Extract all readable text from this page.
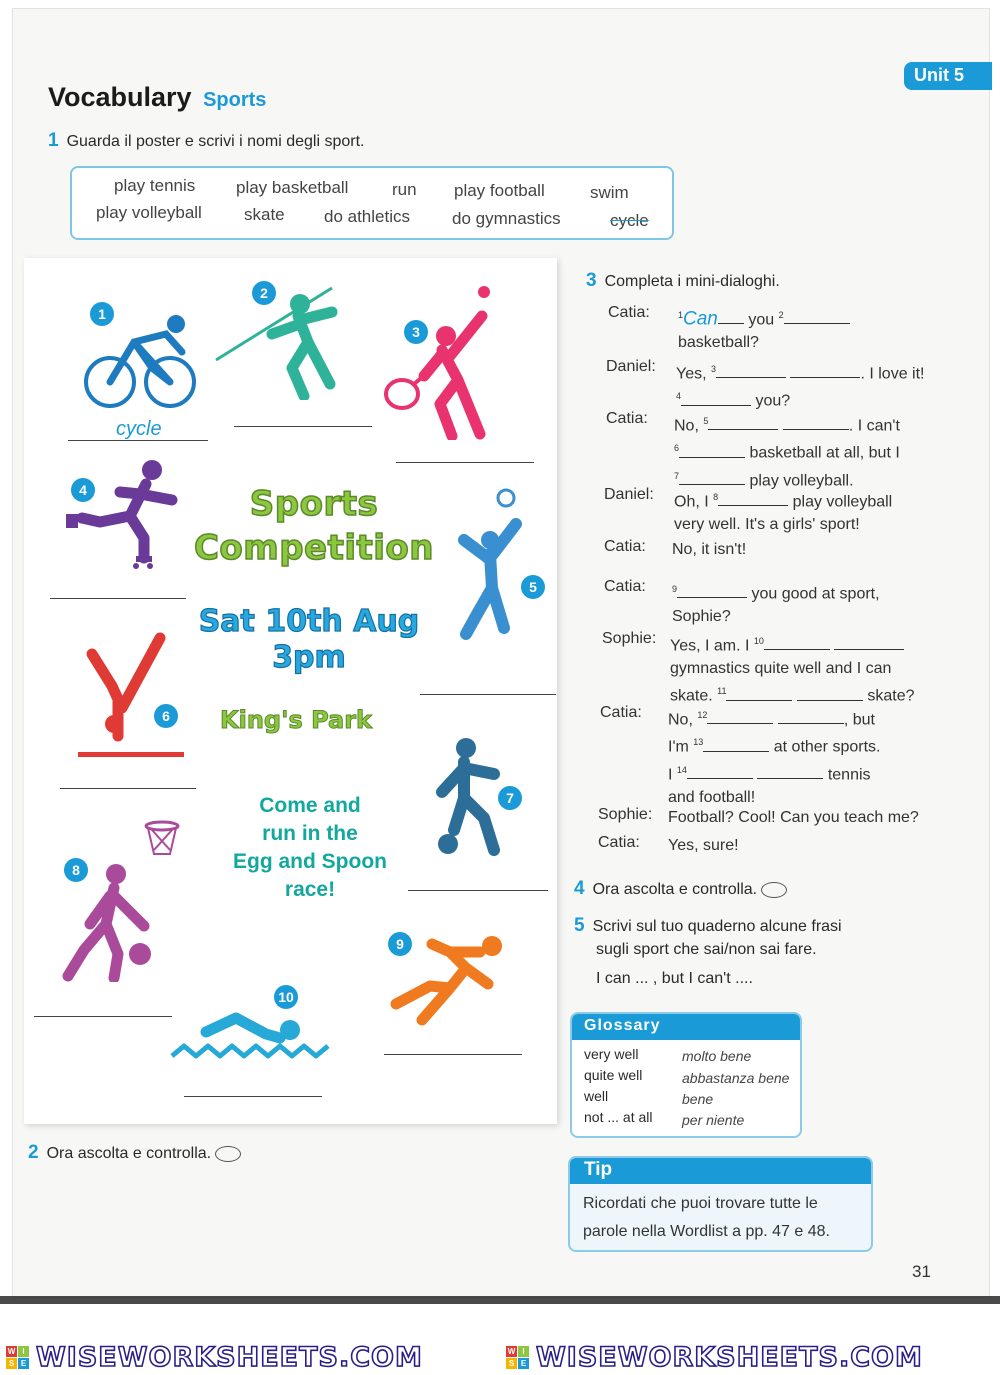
Unit 5
Vocabulary Sports
1 Guarda il poster e scrivi i nomi degli sport.
play tennis play basketball	run play football	swim
play volleyball skate do athletics do gymnastics	cycle
1
cycle
2
3
4
5
6
7
8
9
10
Sports
Competition
Sat 10th Aug
3pm
King's Park
Come and
run in the
Egg and Spoon
race!
2 Ora ascolta e controlla.
3 Completa i mini-dialoghi.
Catia:	$^1$Can you $^2$
basketball?
Daniel: Yes, $^3$	. I love it!
$^4$	you?
Catia: No, $^5$	. I can't
$^6$	basketball at all, but I
$^7$	play volleyball.
Daniel: Oh, I $^8$	play volleyball
very well. It's a girls' sport!
Catia: No, it isn't!
Catia:	$^9$	you good at sport,
Sophie?
Sophie: Yes, I am. I $^{10}$
gymnastics quite well and I can
skate. $^{11}$	skate?
Catia: No, $^{12}$	, but
I'm $^{13}$	at other sports.
I $^{14}$	tennis
and football!
Sophie: Football? Cool! Can you teach me?
Catia: Yes, sure!
4 Ora ascolta e controlla.
5 Scrivi sul tuo quaderno alcune frasi
sugli sport che sai/non sai fare.
I can ... , but I can't ....
Glossary
very well	molto bene
quite well	abbastanza bene
well	bene
not ... at all per niente
Tip
Ricordati che puoi trovare tutte le
parole nella Wordlist a pp. 47 e 48.
31
W I
S E WISEWORKSHEETS.COM	W I
S E WISEWORKSHEETS.COM
